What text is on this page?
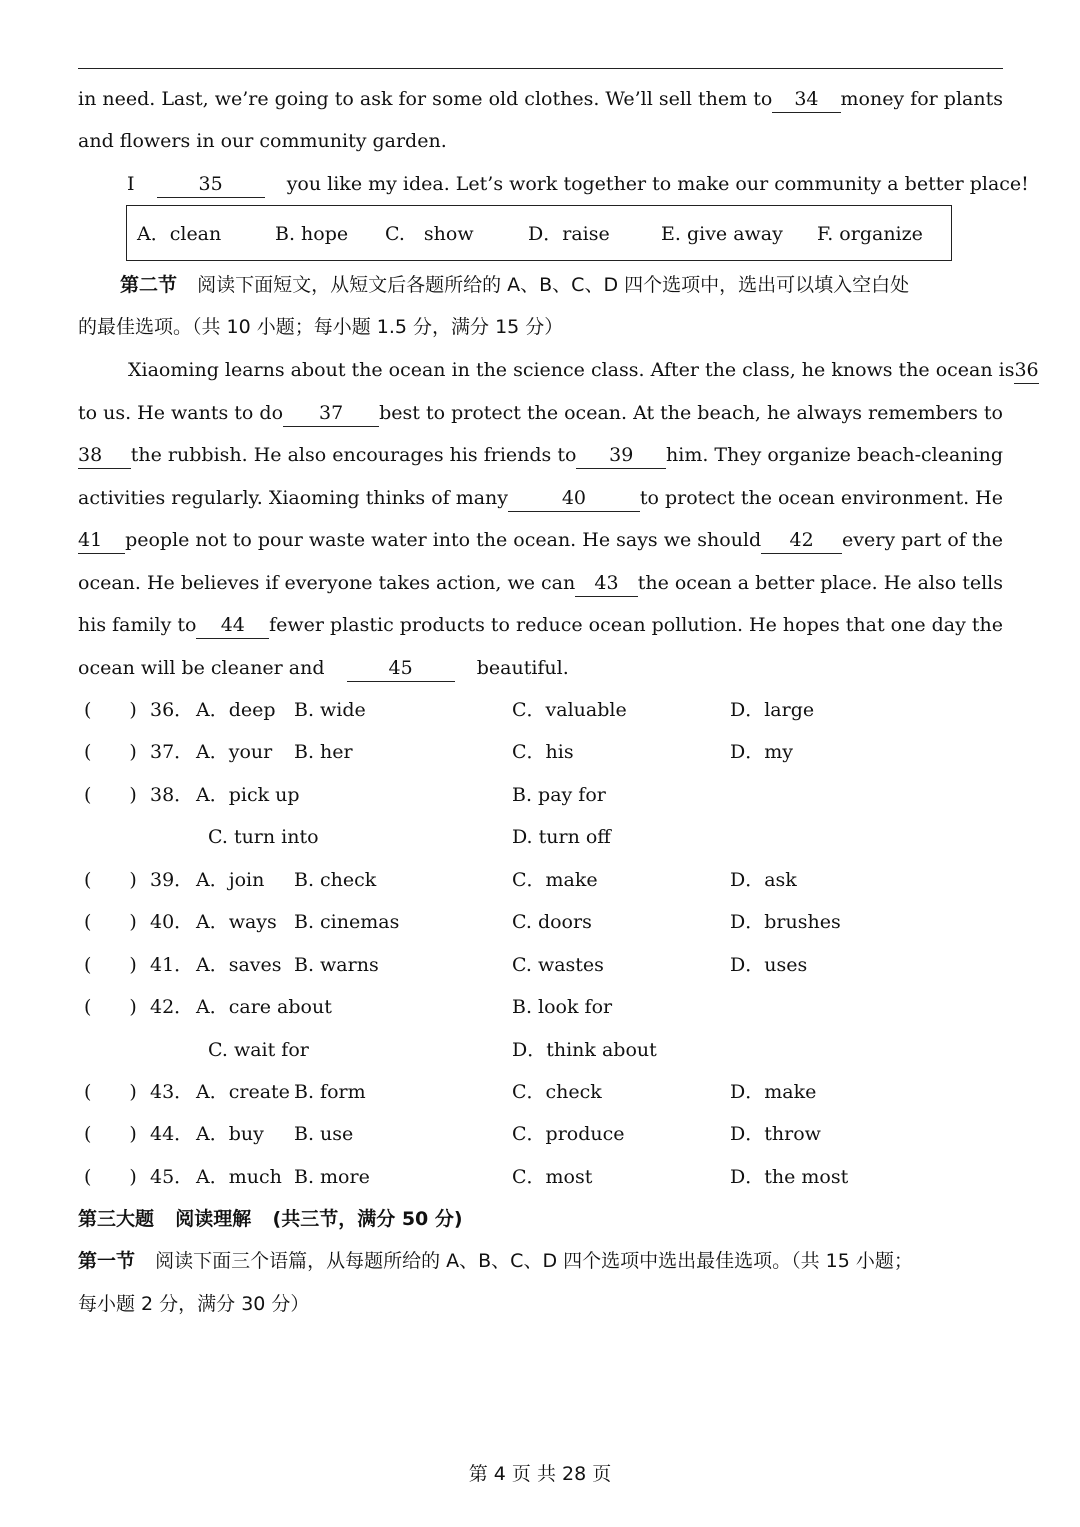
in need. Last, we’re going to ask for some old clothes. We’ll sell them to	34	money for plants
and flowers in our community garden.
I	35	you like my idea. Let’s work together to make our community a better place!
A．clean	B. hope C.　show	D．raise	E. give away F. organize
第二节 阅读下面短文，从短文后各题所给的 A、B、C、D 四个选项中，选出可以填入空白处
的最佳选项。（共 10 小题；每小题 1.5 分，满分 15 分）
Xiaoming learns about the ocean in the science class. After the class, he knows the ocean is 36
to us. He wants to do	37	best to protect the ocean. At the beach, he always remembers to
38	the rubbish. He also encourages his friends to	39	him. They organize beach-cleaning
activities regularly. Xiaoming thinks of many	40	to protect the ocean environment. He
41	people not to pour waste water into the ocean. He says we should	42	every part of the
ocean. He believes if everyone takes action, we can	43	the ocean a better place. He also tells
his family to	44	fewer plastic products to reduce ocean pollution. He hopes that one day the
ocean will be cleaner and	45	beautiful.
(　　) 36． A．deep B. wide	C．valuable	D．large
(　　) 37． A．your B. her	C．his	D．my
(　　) 38． A．pick up	B. pay for
C. turn into	D. turn off
(　　) 39． A．join B. check	C．make	D．ask
(　　) 40． A．ways B. cinemas	C. doors	D．brushes
(　　) 41． A．saves B. warns	C. wastes	D．uses
(　　) 42． A．care about	B. look for
C. wait for	D．think about
(　　) 43． A．create B. form	C．check	D．make
(　　) 44． A．buy B. use	C．produce	D．throw
(　　) 45． A．much B. more	C．most	D．the most
第三大题 阅读理解 (共三节，满分 50 分)
第一节 阅读下面三个语篇，从每题所给的 A、B、C、D 四个选项中选出最佳选项。（共 15 小题；
每小题 2 分，满分 30 分）
第 4 页 共 28 页
